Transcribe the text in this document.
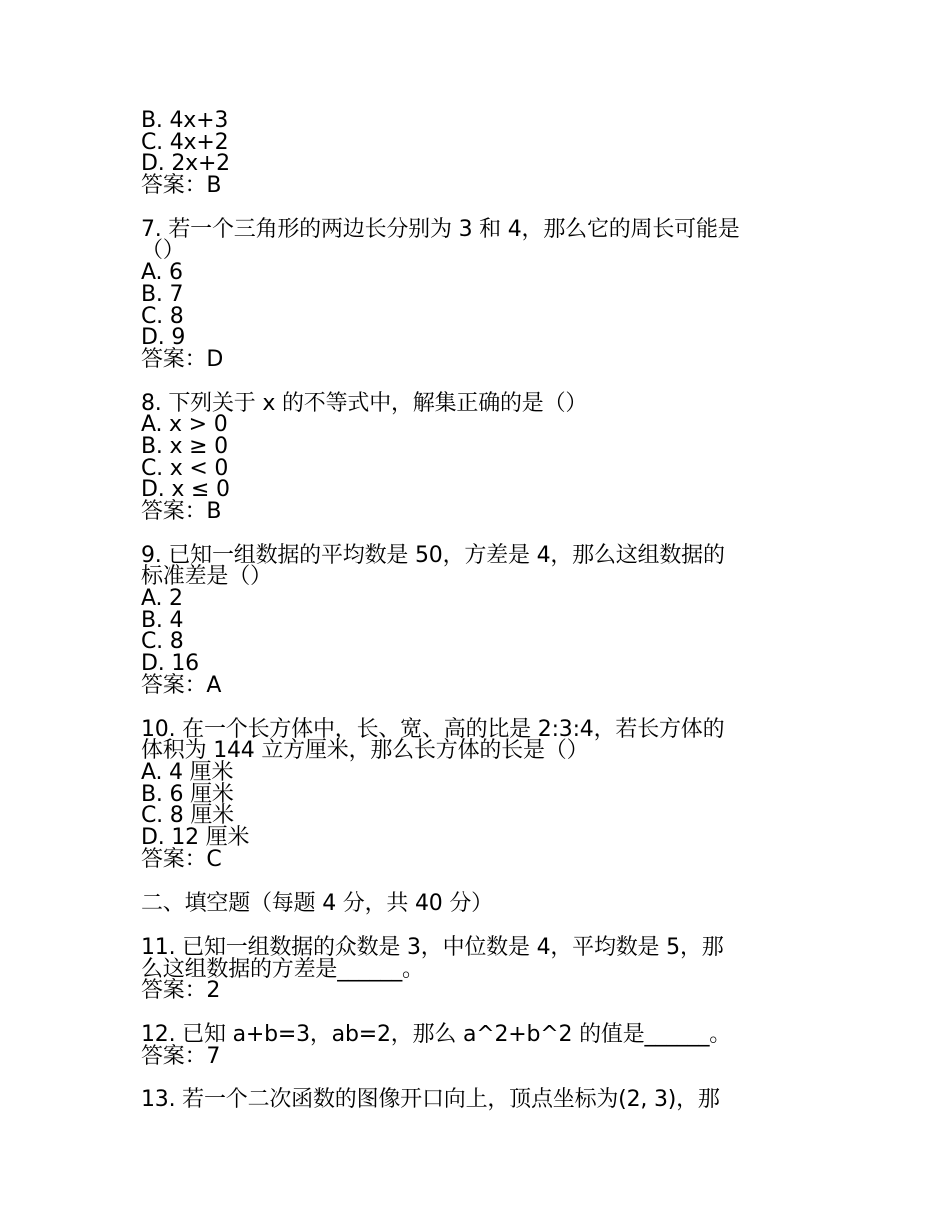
B. 4x+3
C. 4x+2
D. 2x+2
答案：B
7. 若一个三角形的两边长分别为 3 和 4，那么它的周长可能是
（）
A. 6
B. 7
C. 8
D. 9
答案：D
8. 下列关于 x 的不等式中，解集正确的是（）
A. x > 0
B. x ≥ 0
C. x < 0
D. x ≤ 0
答案：B
9. 已知一组数据的平均数是 50，方差是 4，那么这组数据的
标准差是（）
A. 2
B. 4
C. 8
D. 16
答案：A
10. 在一个长方体中，长、宽、高的比是 2:3:4，若长方体的
体积为 144 立方厘米，那么长方体的长是（）
A. 4 厘米
B. 6 厘米
C. 8 厘米
D. 12 厘米
答案：C
二、填空题（每题 4 分，共 40 分）
11. 已知一组数据的众数是 3，中位数是 4，平均数是 5，那
么这组数据的方差是______。
答案：2
12. 已知 a+b=3，ab=2，那么 a^2+b^2 的值是______。
答案：7
13. 若一个二次函数的图像开口向上，顶点坐标为(2, 3)，那
